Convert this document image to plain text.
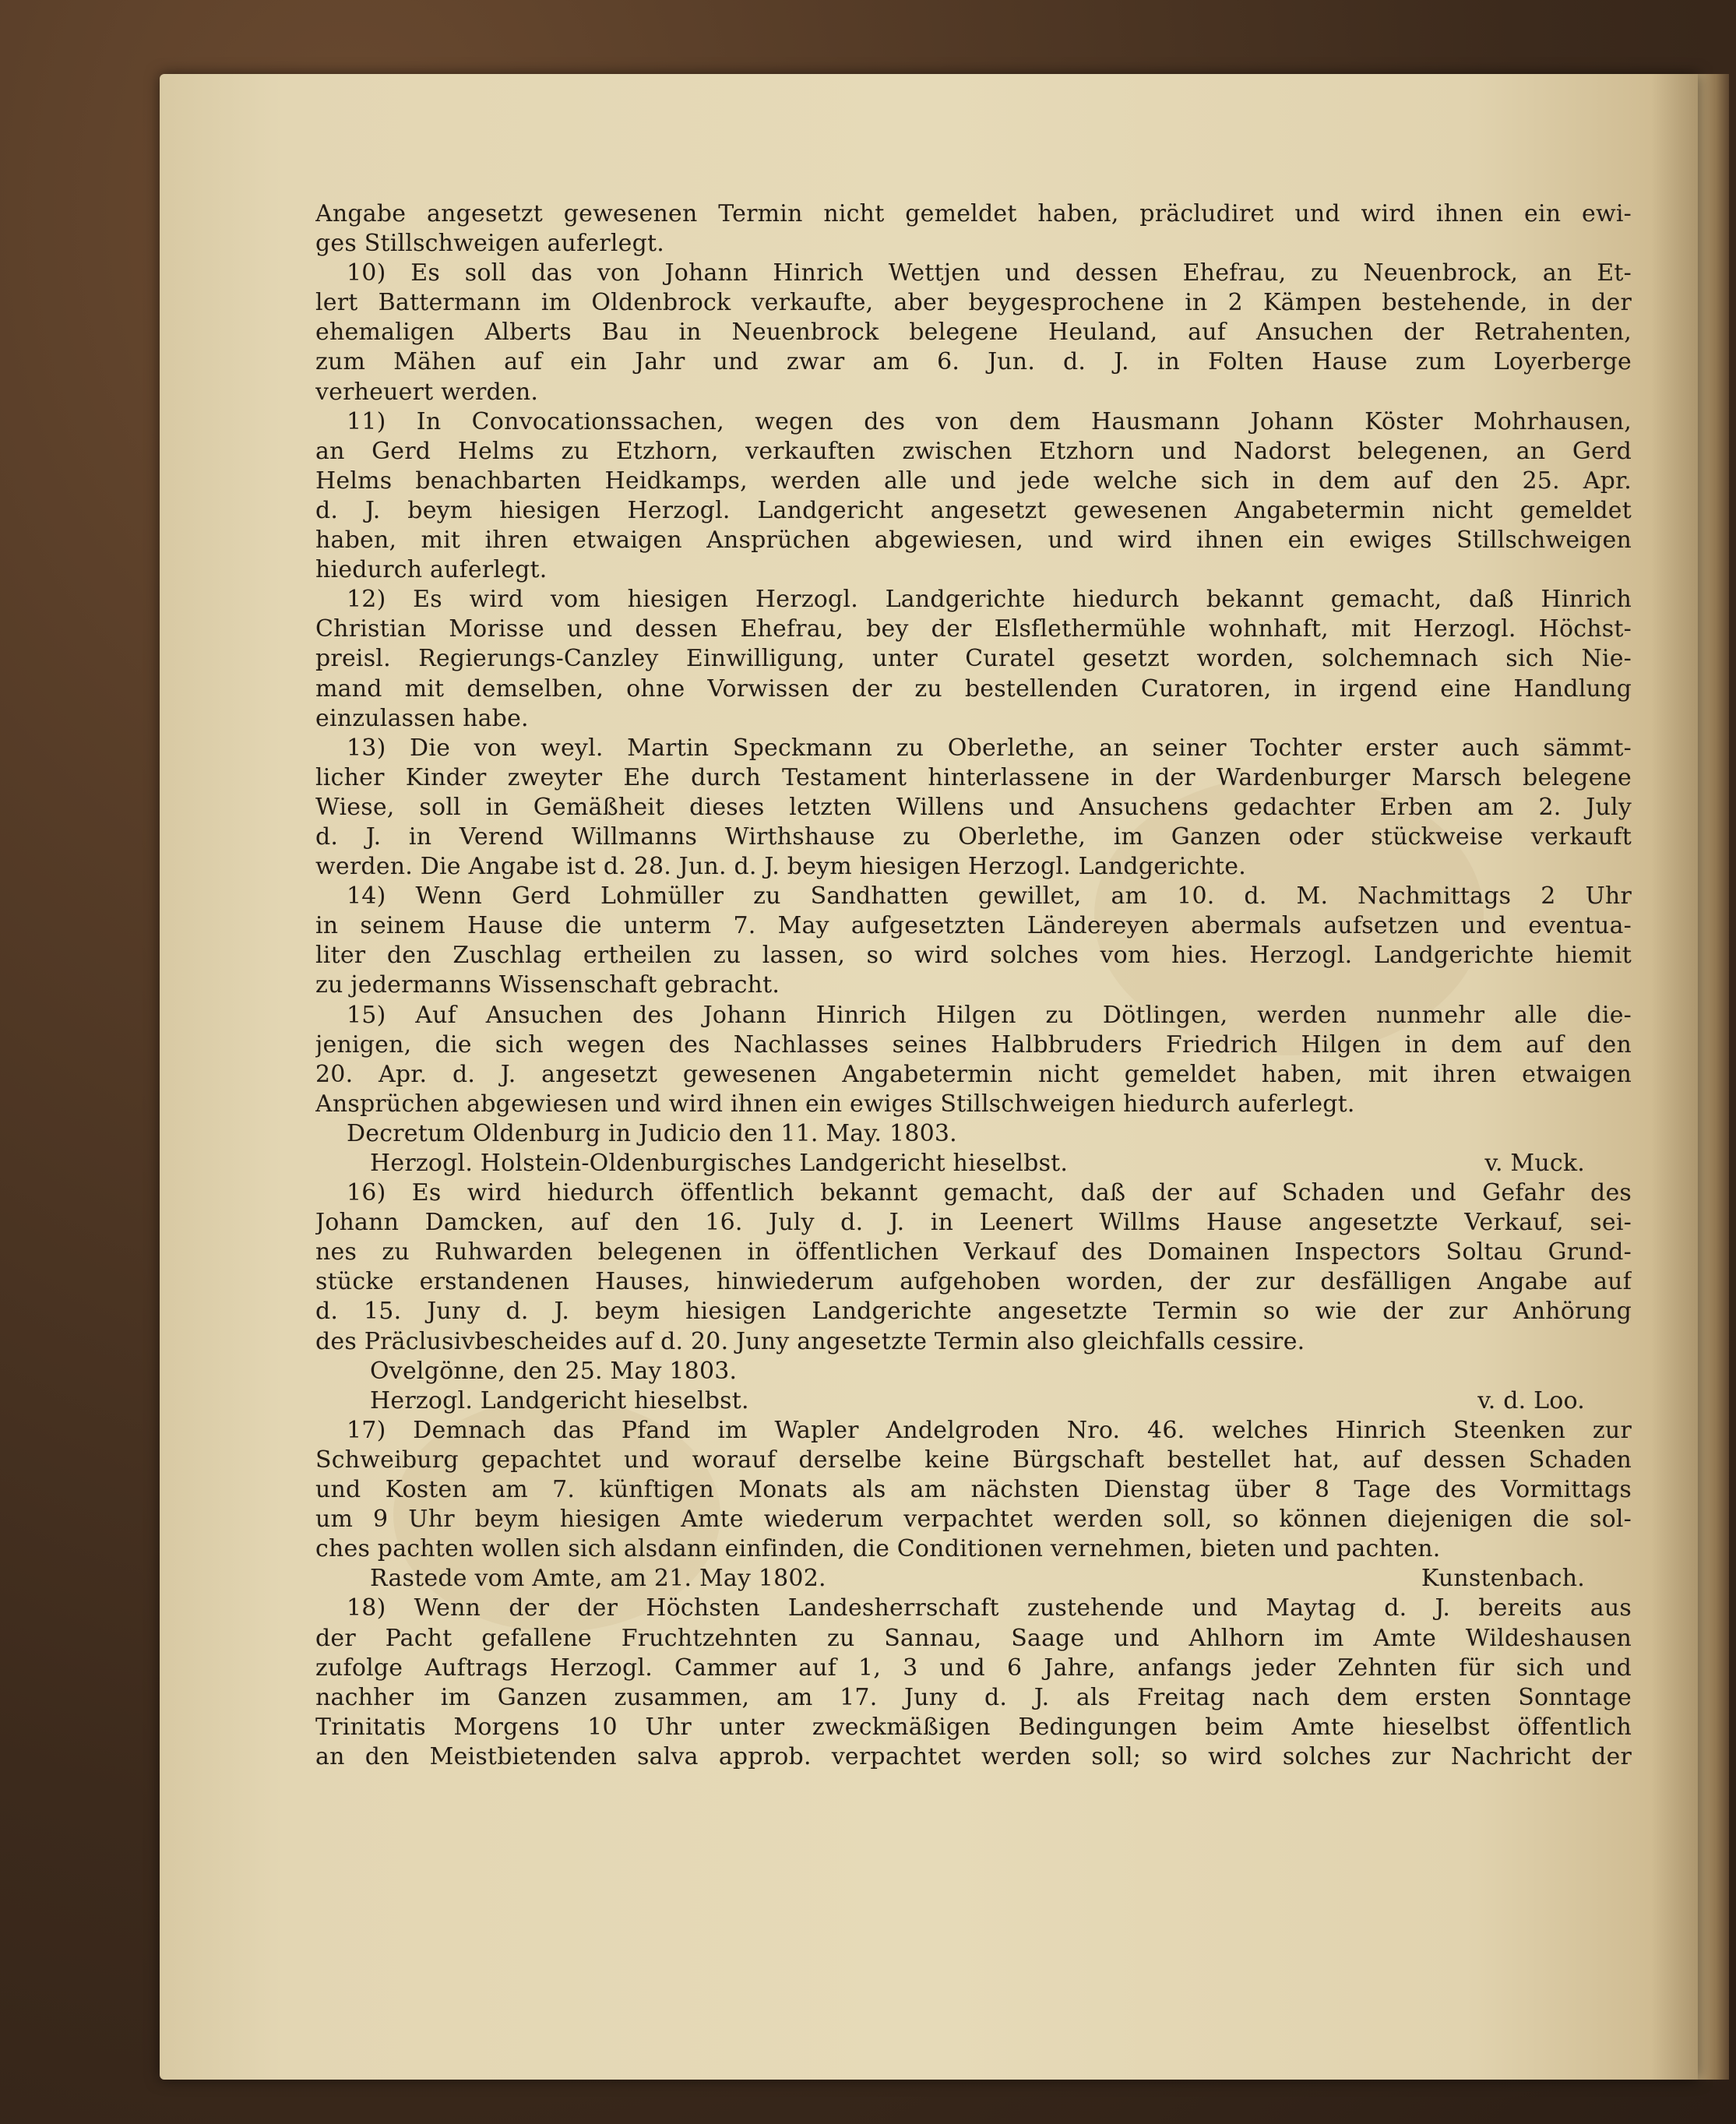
Angabe angesetzt gewesenen Termin nicht gemeldet haben, präcludiret und wird ihnen ein ewi-
ges Stillschweigen auferlegt.
10) Es soll das von Johann Hinrich Wettjen und dessen Ehefrau, zu Neuenbrock, an Et-
lert Battermann im Oldenbrock verkaufte, aber beygesprochene in 2 Kämpen bestehende, in der
ehemaligen Alberts Bau in Neuenbrock belegene Heuland, auf Ansuchen der Retrahenten,
zum Mähen auf ein Jahr und zwar am 6. Jun. d. J. in Folten Hause zum Loyerberge
verheuert werden.
11) In Convocationssachen, wegen des von dem Hausmann Johann Köster Mohrhausen,
an Gerd Helms zu Etzhorn, verkauften zwischen Etzhorn und Nadorst belegenen, an Gerd
Helms benachbarten Heidkamps, werden alle und jede welche sich in dem auf den 25. Apr.
d. J. beym hiesigen Herzogl. Landgericht angesetzt gewesenen Angabetermin nicht gemeldet
haben, mit ihren etwaigen Ansprüchen abgewiesen, und wird ihnen ein ewiges Stillschweigen
hiedurch auferlegt.
12) Es wird vom hiesigen Herzogl. Landgerichte hiedurch bekannt gemacht, daß Hinrich
Christian Morisse und dessen Ehefrau, bey der Elsflethermühle wohnhaft, mit Herzogl. Höchst-
preisl. Regierungs-Canzley Einwilligung, unter Curatel gesetzt worden, solchemnach sich Nie-
mand mit demselben, ohne Vorwissen der zu bestellenden Curatoren, in irgend eine Handlung
einzulassen habe.
13) Die von weyl. Martin Speckmann zu Oberlethe, an seiner Tochter erster auch sämmt-
licher Kinder zweyter Ehe durch Testament hinterlassene in der Wardenburger Marsch belegene
Wiese, soll in Gemäßheit dieses letzten Willens und Ansuchens gedachter Erben am 2. July
d. J. in Verend Willmanns Wirthshause zu Oberlethe, im Ganzen oder stückweise verkauft
werden. Die Angabe ist d. 28. Jun. d. J. beym hiesigen Herzogl. Landgerichte.
14) Wenn Gerd Lohmüller zu Sandhatten gewillet, am 10. d. M. Nachmittags 2 Uhr
in seinem Hause die unterm 7. May aufgesetzten Ländereyen abermals aufsetzen und eventua-
liter den Zuschlag ertheilen zu lassen, so wird solches vom hies. Herzogl. Landgerichte hiemit
zu jedermanns Wissenschaft gebracht.
15) Auf Ansuchen des Johann Hinrich Hilgen zu Dötlingen, werden nunmehr alle die-
jenigen, die sich wegen des Nachlasses seines Halbbruders Friedrich Hilgen in dem auf den
20. Apr. d. J. angesetzt gewesenen Angabetermin nicht gemeldet haben, mit ihren etwaigen
Ansprüchen abgewiesen und wird ihnen ein ewiges Stillschweigen hiedurch auferlegt.
Decretum Oldenburg in Judicio den 11. May. 1803.
v. Muck.
Herzogl. Holstein-Oldenburgisches Landgericht hieselbst.
16) Es wird hiedurch öffentlich bekannt gemacht, daß der auf Schaden und Gefahr des
Johann Damcken, auf den 16. July d. J. in Leenert Willms Hause angesetzte Verkauf, sei-
nes zu Ruhwarden belegenen in öffentlichen Verkauf des Domainen Inspectors Soltau Grund-
stücke erstandenen Hauses, hinwiederum aufgehoben worden, der zur desfälligen Angabe auf
d. 15. Juny d. J. beym hiesigen Landgerichte angesetzte Termin so wie der zur Anhörung
des Präclusivbescheides auf d. 20. Juny angesetzte Termin also gleichfalls cessire.
Ovelgönne, den 25. May 1803.
v. d. Loo.
Herzogl. Landgericht hieselbst.
17) Demnach das Pfand im Wapler Andelgroden Nro. 46. welches Hinrich Steenken zur
Schweiburg gepachtet und worauf derselbe keine Bürgschaft bestellet hat, auf dessen Schaden
und Kosten am 7. künftigen Monats als am nächsten Dienstag über 8 Tage des Vormittags
um 9 Uhr beym hiesigen Amte wiederum verpachtet werden soll, so können diejenigen die sol-
ches pachten wollen sich alsdann einfinden, die Conditionen vernehmen, bieten und pachten.
Kunstenbach.
Rastede vom Amte, am 21. May 1802.
18) Wenn der der Höchsten Landesherrschaft zustehende und Maytag d. J. bereits aus
der Pacht gefallene Fruchtzehnten zu Sannau, Saage und Ahlhorn im Amte Wildeshausen
zufolge Auftrags Herzogl. Cammer auf 1, 3 und 6 Jahre, anfangs jeder Zehnten für sich und
nachher im Ganzen zusammen, am 17. Juny d. J. als Freitag nach dem ersten Sonntage
Trinitatis Morgens 10 Uhr unter zweckmäßigen Bedingungen beim Amte hieselbst öffentlich
an den Meistbietenden salva approb. verpachtet werden soll; so wird solches zur Nachricht der
